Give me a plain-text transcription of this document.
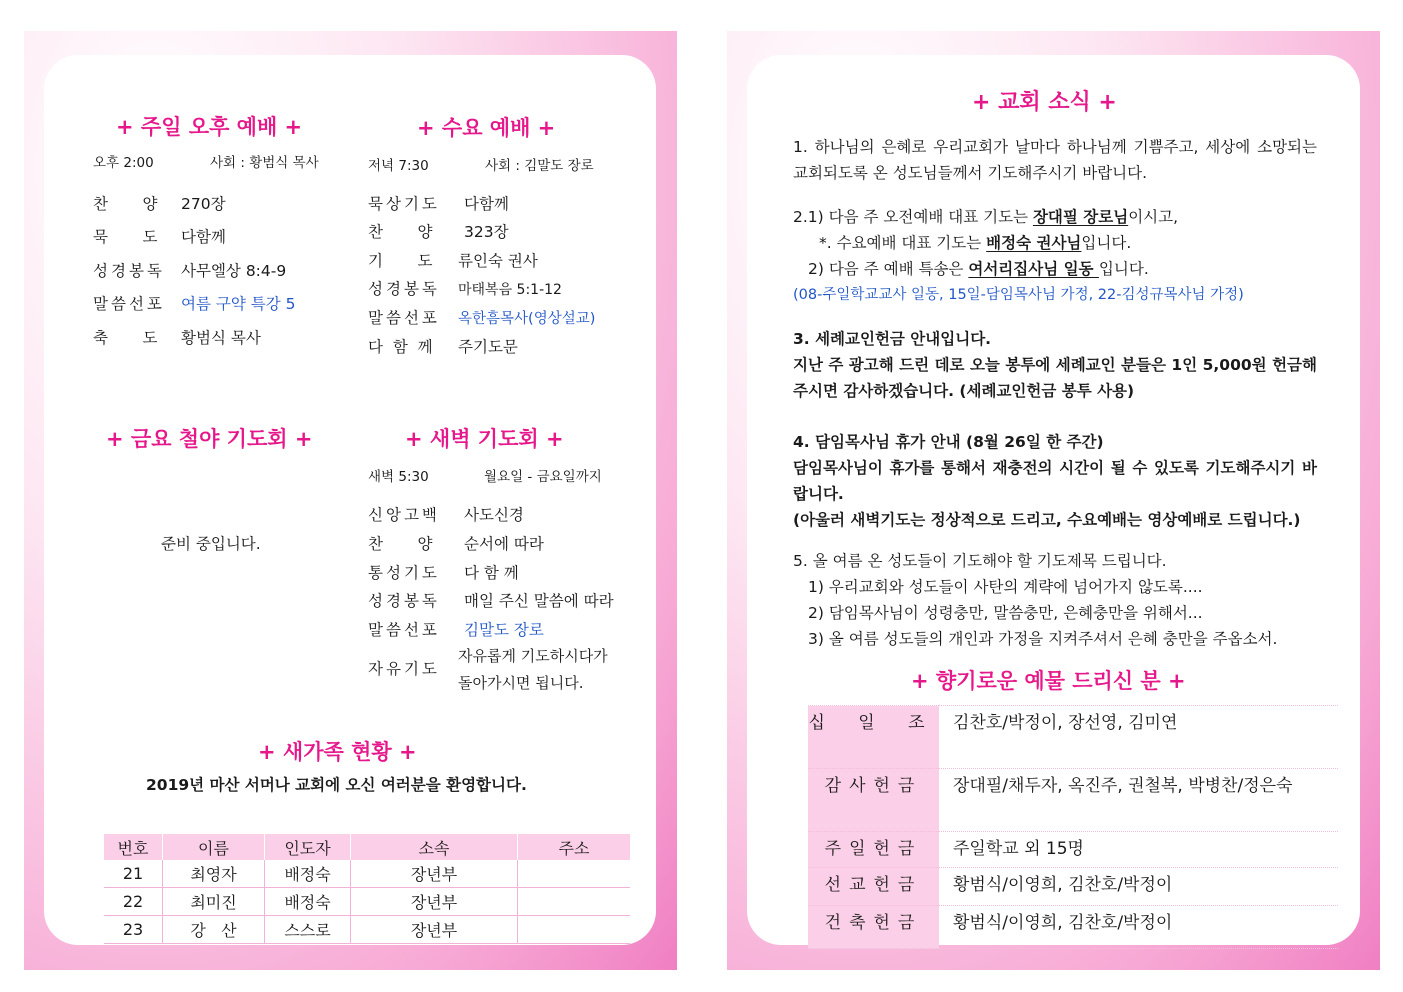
+ 주일 오후 예배 +
오후 2:00	사회 : 황범식 목사
찬       양 270장
묵       도 다함께
성경봉독 사무엘상 8:4-9
말씀선포 여름 구약 특강 5
축       도 황범식 목사
+ 수요 예배 +
저녁 7:30	사회 : 김말도 장로
묵상기도 다함께
찬       양 323장
기       도 류인숙 권사
성경봉독 마태복음 5:1-12
말씀선포 옥한흠목사(영상설교)
다  함  께 주기도문
+ 금요 철야 기도회 +
준비 중입니다.
+ 새벽 기도회 +
새벽 5:30	월요일 - 금요일까지
신앙고백 사도신경
찬       양 순서에 따라
통성기도 다 함 께
성경봉독 매일 주신 말씀에 따라
말씀선포 김말도 장로
자유기도
자유롭게 기도하시다가
돌아가시면 됩니다.
+ 새가족 현황 +
2019년 마산 서머나 교회에 오신 여러분을 환영합니다.
번호	이름	인도자	소속	주소
21	최영자	배정숙	장년부	
22	최미진	배정숙	장년부	
23	강   산	스스로	장년부	
+ 교회 소식 +
1. 하나님의 은혜로 우리교회가 날마다 하나님께 기쁨주고, 세상에 소망되는 교회되도록 온 성도님들께서 기도해주시기 바랍니다.

2.1) 다음 주 오전예배 대표 기도는 장대필 장로님이시고,

*. 수요예배 대표 기도는 배정숙 권사님입니다.

2) 다음 주 예배 특송은 여서리집사님 일동 입니다.

(08-주일학교교사 일동, 15일-담임목사님 가정, 22-김성규목사님 가정)

3. 세례교인헌금 안내입니다.

지난 주 광고해 드린 데로 오늘 봉투에 세례교인 분들은 1인 5,000원 헌금해주시면 감사하겠습니다. (세례교인헌금 봉투 사용)

4. 담임목사님 휴가 안내 (8월 26일 한 주간)

담임목사님이 휴가를 통해서 재충전의 시간이 될 수 있도록 기도해주시기 바랍니다.

(아울러 새벽기도는 정상적으로 드리고, 수요예배는 영상예배로 드립니다.)

5. 올 여름 온 성도들이 기도해야 할 기도제목 드립니다.

1) 우리교회와 성도들이 사탄의 계략에 넘어가지 않도록....

2) 담임목사님이 성령충만, 말씀충만, 은혜충만을 위해서...

3) 올 여름 성도들의 개인과 가정을 지켜주셔서 은혜 충만을 주옵소서.

+ 향기로운 예물 드리신 분 +
십 일 조	김찬호/박정이, 장선영, 김미연
감사헌금	장대필/채두자, 옥진주, 권철복, 박병찬/정은숙
주일헌금	주일학교 외 15명
선교헌금	황범식/이영희, 김찬호/박정이
건축헌금	황범식/이영희, 김찬호/박정이
